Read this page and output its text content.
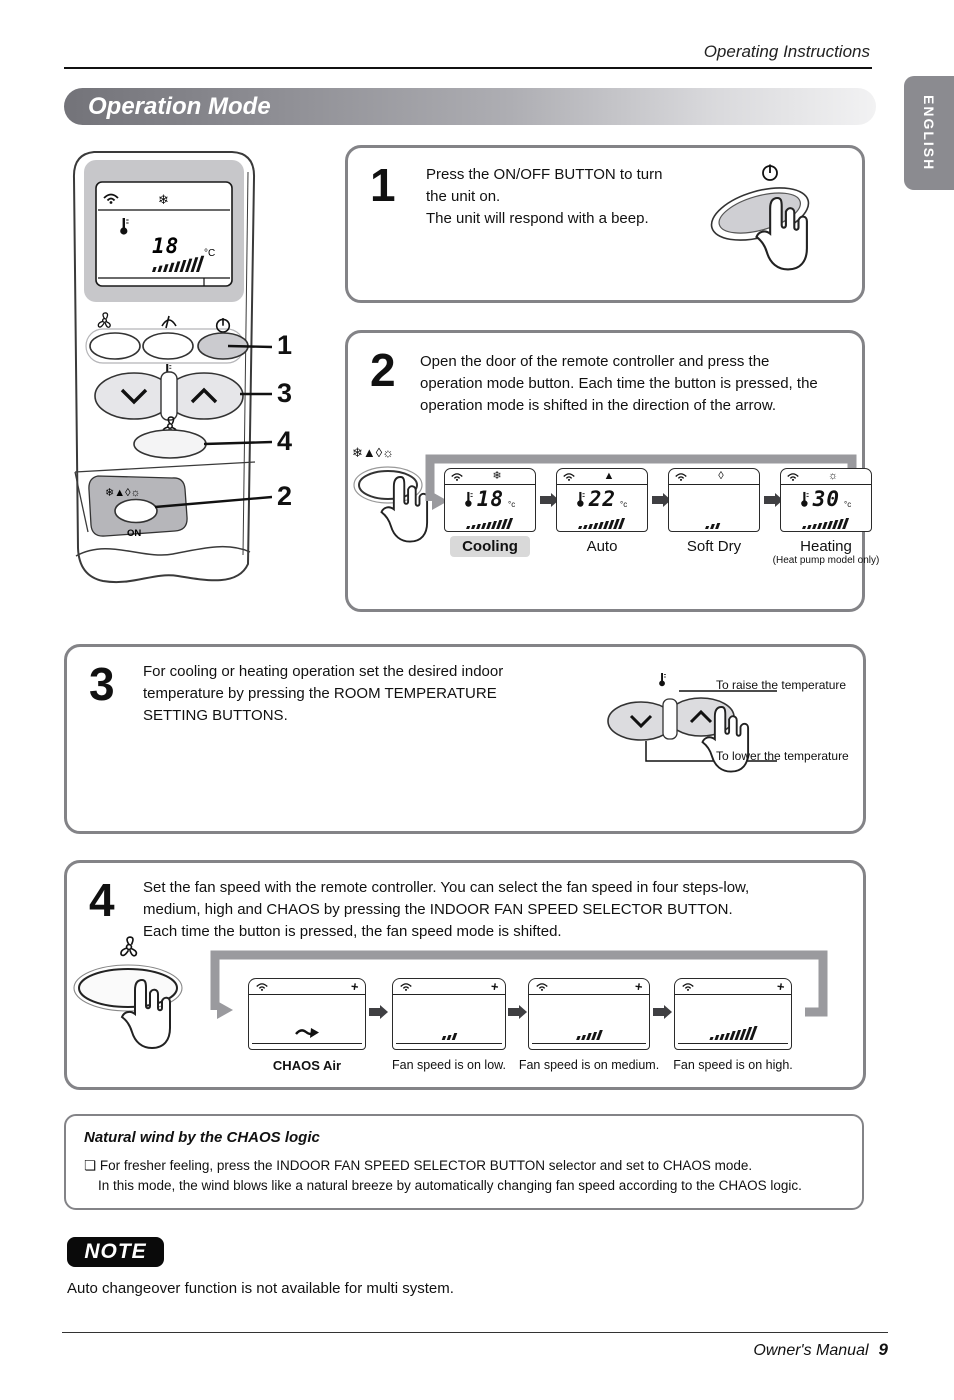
Operating Instructions
ENGLISH
Operation Mode
❄
18 °C
❄▲◊☼
ON
1
3
4
2
1 Press the ON/OFF BUTTON to turn
the unit on.
The unit will respond with a beep.
2 Open the door of the remote controller and press the
operation mode button. Each time the button is pressed, the
operation mode is shifted in the direction of the arrow.
❄▲◊☼
❄
18 °c
▲
22 °c
◊	☼
30 °c
Cooling	Auto	Soft Dry	Heating
(Heat pump model only)
3 For cooling or heating operation set the desired indoor
temperature by pressing the ROOM TEMPERATURE
SETTING BUTTONS.
To raise the temperature
To lower the temperature
4 Set the fan speed with the remote controller. You can select the fan speed in four steps-low,
medium, high and CHAOS by pressing the INDOOR FAN SPEED SELECTOR BUTTON.
Each time the button is pressed, the fan speed mode is shifted.
+	+	+	+
CHAOS Air	Fan speed is on low.	Fan speed is on medium.	Fan speed is on high.
Natural wind by the CHAOS logic
❏ For fresher feeling, press the INDOOR FAN SPEED SELECTOR BUTTON selector and set to CHAOS mode.
In this mode, the wind blows like a natural breeze by automatically changing fan speed according to the CHAOS logic.
NOTE
Auto changeover function is not available for multi system.
Owner's Manual 9
